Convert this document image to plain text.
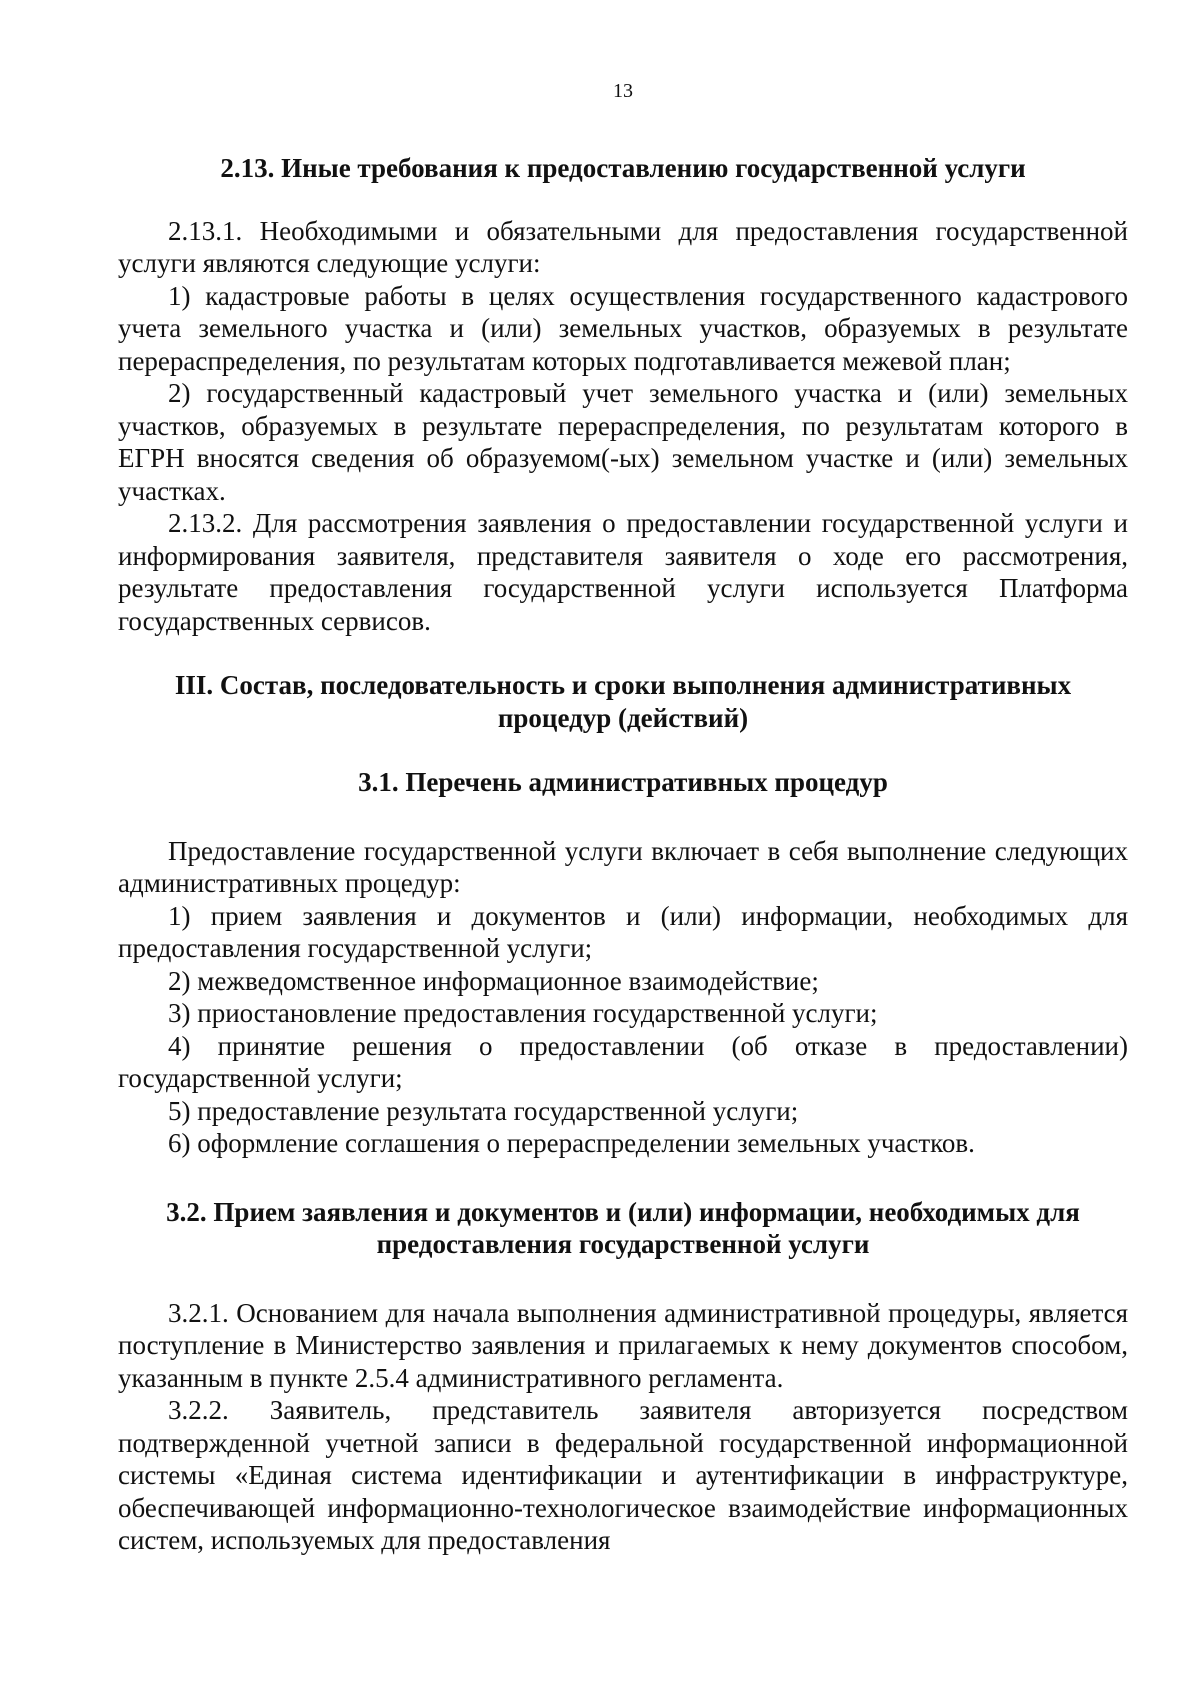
13
2.13. Иные требования к предоставлению государственной услуги

2.13.1. Необходимыми и обязательными для предоставления государственной услуги являются следующие услуги:

1) кадастровые работы в целях осуществления государственного кадастрового учета земельного участка и (или) земельных участков, образуемых в результате перераспределения, по результатам которых подготавливается межевой план;

2) государственный кадастровый учет земельного участка и (или) земельных участков, образуемых в результате перераспределения, по результатам которого в ЕГРН вносятся сведения об образуемом(-ых) земельном участке и (или) земельных участках.

2.13.2. Для рассмотрения заявления о предоставлении государственной услуги и информирования заявителя, представителя заявителя о ходе его рассмотрения, результате предоставления государственной услуги используется Платформа государственных сервисов.

III. Состав, последовательность и сроки выполнения административных процедур (действий)
3.1. Перечень административных процедур

Предоставление государственной услуги включает в себя выполнение следующих административных процедур:

1) прием заявления и документов и (или) информации, необходимых для предоставления государственной услуги;

2) межведомственное информационное взаимодействие;

3) приостановление предоставления государственной услуги;

4) принятие решения о предоставлении (об отказе в предоставлении) государственной услуги;

5) предоставление результата государственной услуги;

6) оформление соглашения о перераспределении земельных участков.

3.2. Прием заявления и документов и (или) информации, необходимых для предоставления государственной услуги

3.2.1. Основанием для начала выполнения административной процедуры, является поступление в Министерство заявления и прилагаемых к нему документов способом, указанным в пункте 2.5.4 административного регламента.

3.2.2. Заявитель, представитель заявителя авторизуется посредством подтвержденной учетной записи в федеральной государственной информационной системы «Единая система идентификации и аутентификации в инфраструктуре, обеспечивающей информационно-технологическое взаимодействие информационных систем, используемых для предоставления
